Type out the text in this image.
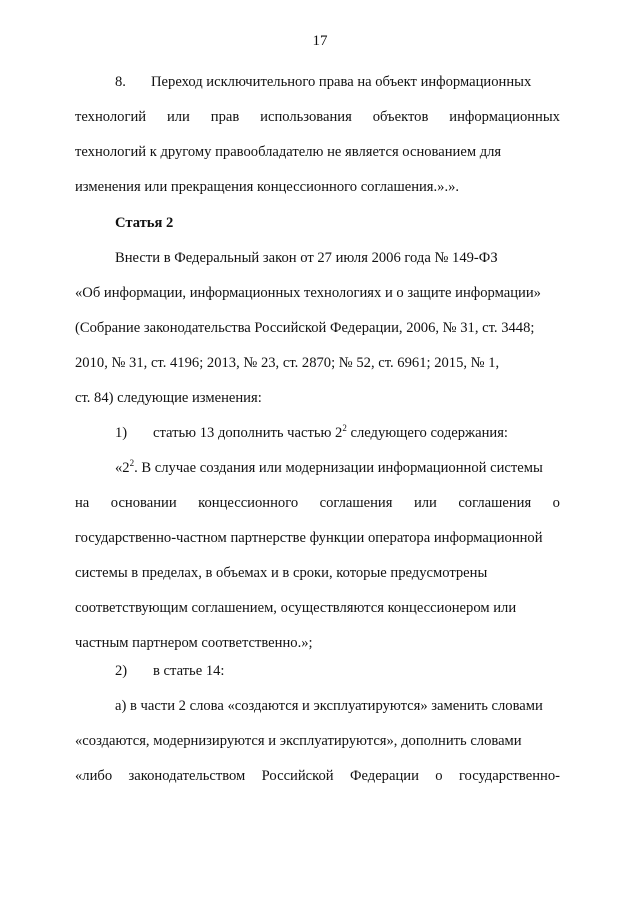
17
8. Переход исключительного права на объект информационных
технологий или прав использования объектов информационных
технологий к другому правообладателю не является основанием для
изменения или прекращения концессионного соглашения.».».
Статья 2
Внести в Федеральный закон от 27 июля 2006 года № 149-ФЗ
«Об информации, информационных технологиях и о защите информации»
(Собрание законодательства Российской Федерации, 2006, № 31, ст. 3448;
2010, № 31, ст. 4196; 2013, № 23, ст. 2870; № 52, ст. 6961; 2015, № 1,
ст. 84) следующие изменения:
1) статью 13 дополнить частью $2^2$ следующего содержания:
«$2^2$. В случае создания или модернизации информационной системы
на основании концессионного соглашения или соглашения о
государственно-частном партнерстве функции оператора информационной
системы в пределах, в объемах и в сроки, которые предусмотрены
соответствующим соглашением, осуществляются концессионером или
частным партнером соответственно.»;
2) в статье 14:
а) в части 2 слова «создаются и эксплуатируются» заменить словами
«создаются, модернизируются и эксплуатируются», дополнить словами
«либо законодательством Российской Федерации о государственно-
